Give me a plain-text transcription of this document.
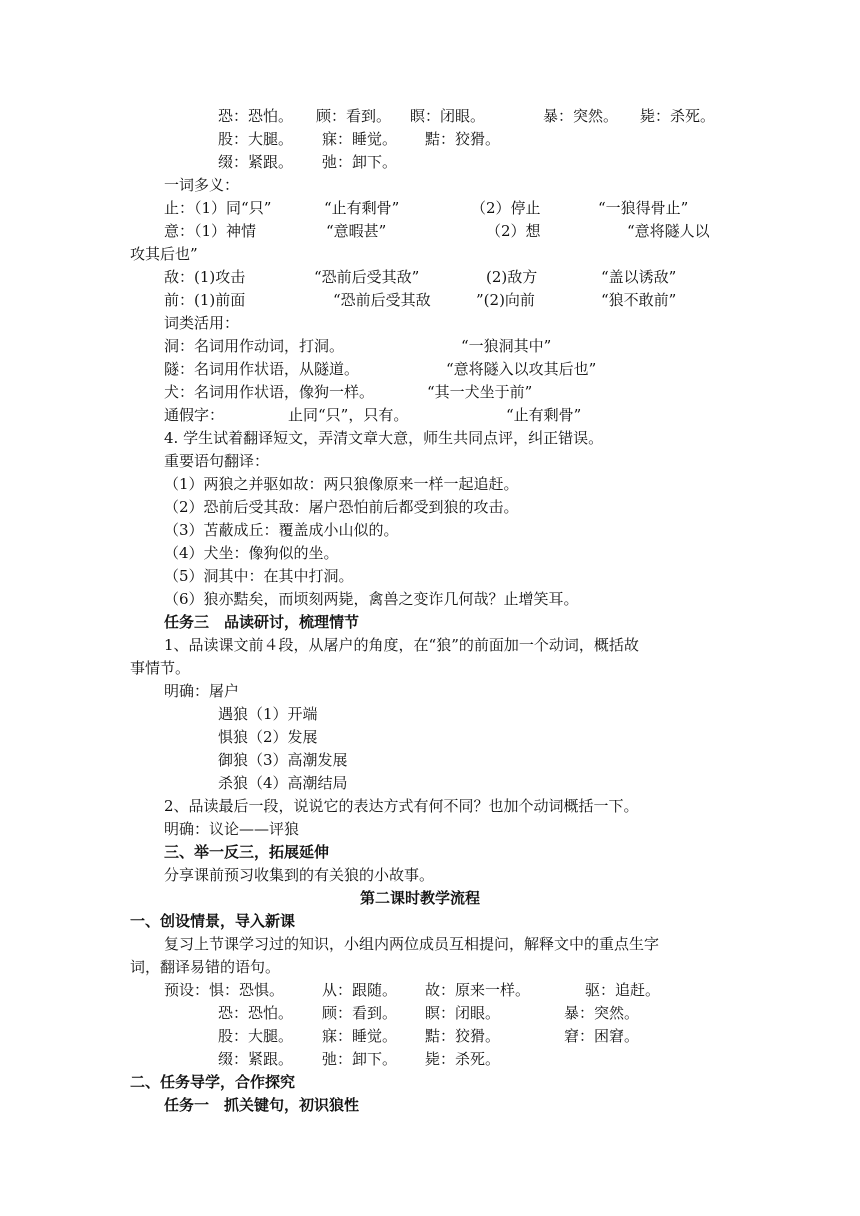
恐：恐怕。 顾：看到。 瞑：闭眼。	暴：突然。 毙：杀死。
股：大腿。 寐：睡觉。 黠：狡猾。
缀：紧跟。 弛：卸下。
一词多义：
止：（1）同“只”	“止有剩骨”	（2）停止	“一狼得骨止”
意：（1）神情	“意暇甚”	（2）想	“意将隧人以
攻其后也”
敌：(1)攻击	“恐前后受其敌”	(2)敌方	“盖以诱敌”
前：(1)前面	“恐前后受其敌	”(2)向前	“狼不敢前”
词类活用：
洞：名词用作动词，打洞。	“一狼洞其中”
隧：名词用作状语，从隧道。	“意将隧入以攻其后也”
犬：名词用作状语，像狗一样。	“其一犬坐于前”
通假字：	止同“只”，只有。	“止有剩骨”
4. 学生试着翻译短文，弄清文章大意，师生共同点评，纠正错误。
重要语句翻译：
（1）两狼之并驱如故：两只狼像原来一样一起追赶。
（2）恐前后受其敌：屠户恐怕前后都受到狼的攻击。
（3）苫蔽成丘：覆盖成小山似的。
（4）犬坐：像狗似的坐。
（5）洞其中：在其中打洞。
（6）狼亦黠矣，而顷刻两毙，禽兽之变诈几何哉？止增笑耳。
任务三　品读研讨，梳理情节
1、品读课文前４段，从屠户的角度，在“狼”的前面加一个动词，概括故
事情节。
明确：屠户
遇狼（1）开端
惧狼（2）发展
御狼（3）高潮发展
杀狼（4）高潮结局
2、品读最后一段，说说它的表达方式有何不同？也加个动词概括一下。
明确：议论——评狼
三、举一反三，拓展延伸
分享课前预习收集到的有关狼的小故事。
第二课时教学流程
一、创设情景，导入新课
复习上节课学习过的知识，小组内两位成员互相提问，解释文中的重点生字
词，翻译易错的语句。
预设：惧：恐惧。	从：跟随。 故：原来一样。	驱：追赶。
恐：恐怕。 顾：看到。 瞑：闭眼。	暴：突然。
股：大腿。 寐：睡觉。 黠：狡猾。	窘：困窘。
缀：紧跟。 弛：卸下。 毙：杀死。
二、任务导学，合作探究
任务一　抓关键句，初识狼性
